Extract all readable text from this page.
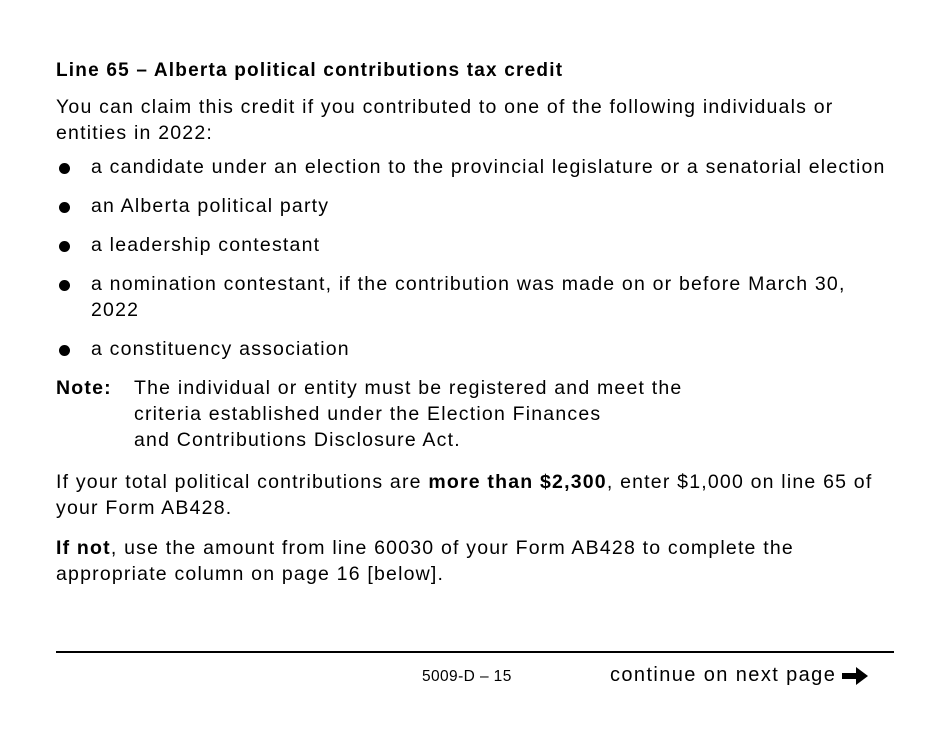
Line 65 – Alberta political contributions tax credit

You can claim this credit if you contributed to one of the following individuals or entities in 2022:

a candidate under an election to the provincial legislature or a senatorial election
an Alberta political party
a leadership contestant
a nomination contestant, if the contribution was made on or before March 30, 2022
a constituency association
Note:	The individual or entity must be registered and meet the
criteria established under the Election Finances
and Contributions Disclosure Act.

If your total political contributions are more than $2,300, enter $1,000 on line 65 of your Form AB428.

If not, use the amount from line 60030 of your Form AB428 to complete the appropriate column on page 16 [below].

5009-D – 15	continue on next page
